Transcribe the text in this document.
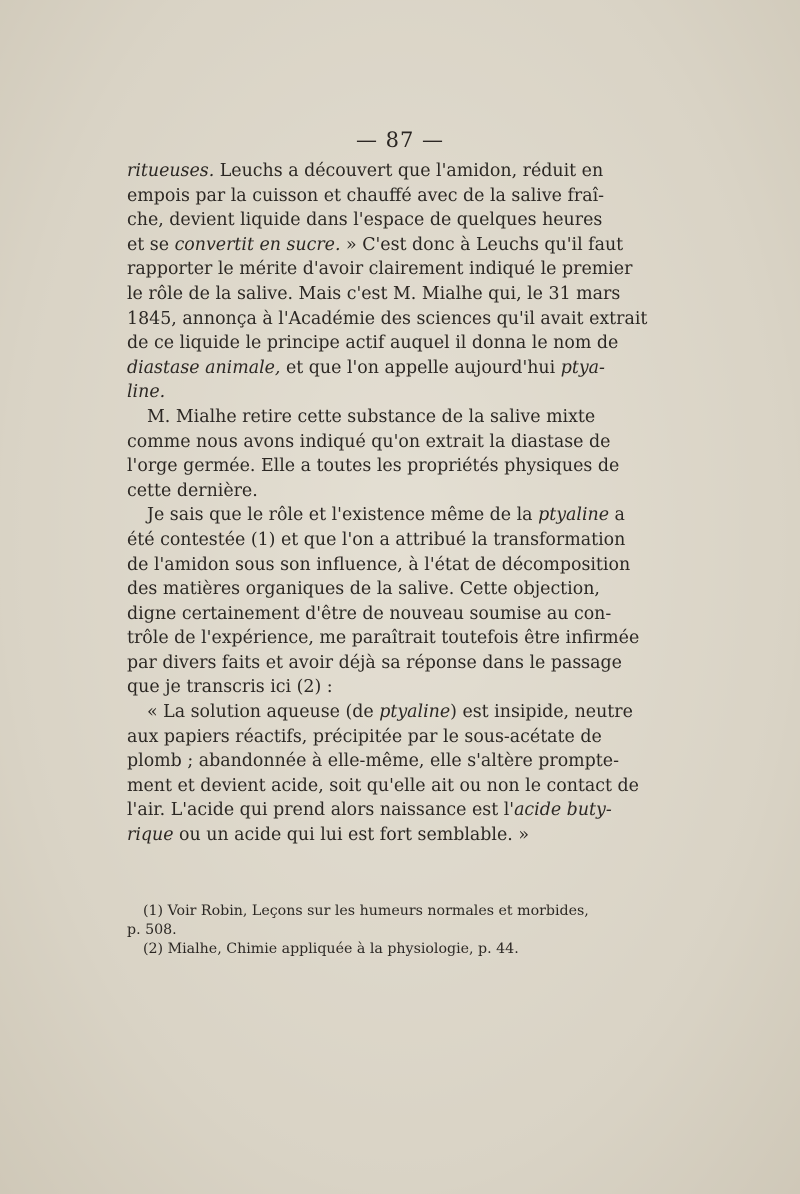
— 87 —
ritueuses. Leuchs a découvert que l'amidon, réduit en
empois par la cuisson et chauffé avec de la salive fraî-
che, devient liquide dans l'espace de quelques heures
et se convertit en sucre. » C'est donc à Leuchs qu'il faut
rapporter le mérite d'avoir clairement indiqué le premier
le rôle de la salive. Mais c'est M. Mialhe qui, le 31 mars
1845, annonça à l'Académie des sciences qu'il avait extrait
de ce liquide le principe actif auquel il donna le nom de
diastase animale, et que l'on appelle aujourd'hui ptya-
line.
M. Mialhe retire cette substance de la salive mixte
comme nous avons indiqué qu'on extrait la diastase de
l'orge germée. Elle a toutes les propriétés physiques de
cette dernière.
Je sais que le rôle et l'existence même de la ptyaline a
été contestée (1) et que l'on a attribué la transformation
de l'amidon sous son influence, à l'état de décomposition
des matières organiques de la salive. Cette objection,
digne certainement d'être de nouveau soumise au con-
trôle de l'expérience, me paraîtrait toutefois être infirmée
par divers faits et avoir déjà sa réponse dans le passage
que je transcris ici (2) :
« La solution aqueuse (de ptyaline) est insipide, neutre
aux papiers réactifs, précipitée par le sous-acétate de
plomb ; abandonnée à elle-même, elle s'altère prompte-
ment et devient acide, soit qu'elle ait ou non le contact de
l'air. L'acide qui prend alors naissance est l'acide buty-
rique ou un acide qui lui est fort semblable. »
(1) Voir Robin, Leçons sur les humeurs normales et morbides,
p. 508.
(2) Mialhe, Chimie appliquée à la physiologie, p. 44.
